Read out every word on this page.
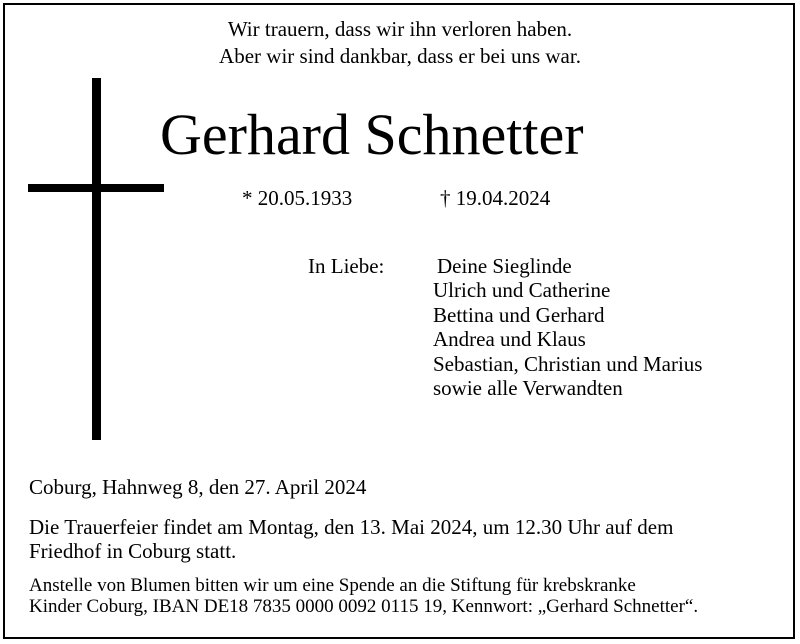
Wir trauern, dass wir ihn verloren haben.
Aber wir sind dankbar, dass er bei uns war.
Gerhard Schnetter
* 20.05.1933	† 19.04.2024
In Liebe:	Deine Sieglinde
Ulrich und Catherine
Bettina und Gerhard
Andrea und Klaus
Sebastian, Christian und Marius
sowie alle Verwandten
Coburg, Hahnweg 8, den 27. April 2024
Die Trauerfeier findet am Montag, den 13. Mai 2024, um 12.30 Uhr auf dem
Friedhof in Coburg statt.
Anstelle von Blumen bitten wir um eine Spende an die Stiftung für krebskranke
Kinder Coburg, IBAN DE18 7835 0000 0092 0115 19, Kennwort: „Gerhard Schnetter“.
